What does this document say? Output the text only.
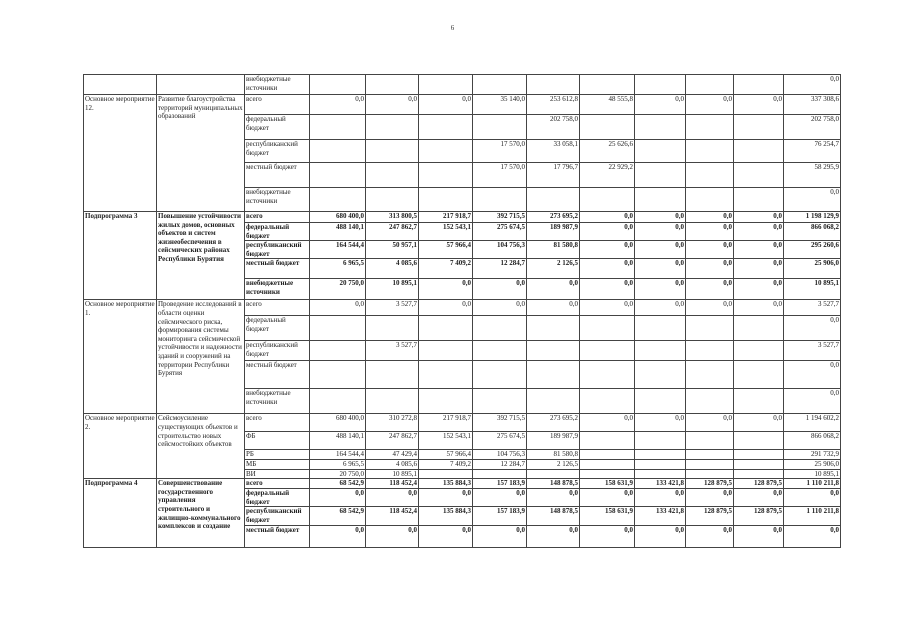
6
		внебюджетные источники										0,0
Основное мероприятие 12.	Развитие благоустройства территорий муниципальных образований	всего	0,0	0,0	0,0	35 140,0	253 612,8	48 555,8	0,0	0,0	0,0	337 308,6
		федеральный бюджет					202 758,0					202 758,0
		республиканский бюджет				17 570,0	33 058,1	25 626,6				76 254,7
		местный бюджет				17 570,0	17 796,7	22 929,2				58 295,9
		внебюджетные источники										0,0
Подпрограмма 3	Повышение устойчивости жилых домов, основных объектов и систем жизнеобеспечения в сейсмических районах Республики Бурятия	всего	680 400,0	313 800,5	217 918,7	392 715,5	273 695,2	0,0	0,0	0,0	0,0	1 198 129,9
		федеральный бюджет	488 140,1	247 862,7	152 543,1	275 674,5	189 987,9	0,0	0,0	0,0	0,0	866 068,2
		республиканский бюджет	164 544,4	50 957,1	57 966,4	104 756,3	81 580,8	0,0	0,0	0,0	0,0	295 260,6
		местный бюджет	6 965,5	4 085,6	7 409,2	12 284,7	2 126,5	0,0	0,0	0,0	0,0	25 906,0
		внебюджетные источники	20 750,0	10 895,1	0,0	0,0	0,0	0,0	0,0	0,0	0,0	10 895,1
Основное мероприятие 1.	Проведение исследований в области оценки сейсмического риска, формирования системы мониторинга сейсмической устойчивости и надежности зданий и сооружений на территории Республики Бурятия	всего	0,0	3 527,7	0,0	0,0	0,0	0,0	0,0	0,0	0,0	3 527,7
		федеральный бюджет										0,0
		республиканский бюджет		3 527,7								3 527,7
		местный бюджет										0,0
		внебюджетные источники										0,0
Основное мероприятие 2.	Сейсмоусиление существующих объектов и строительство новых сейсмостойких объектов	всего	680 400,0	310 272,8	217 918,7	392 715,5	273 695,2	0,0	0,0	0,0	0,0	1 194 602,2
		ФБ	488 140,1	247 862,7	152 543,1	275 674,5	189 987,9					866 068,2
		РБ	164 544,4	47 429,4	57 966,4	104 756,3	81 580,8					291 732,9
		МБ	6 965,5	4 085,6	7 409,2	12 284,7	2 126,5					25 906,0
		ВИ	20 750,0	10 895,1								10 895,1
Подпрограмма 4	Совершенствование государственного управления строительного и жилищно-коммунального комплексов и создание	всего	68 542,9	118 452,4	135 884,3	157 183,9	148 878,5	158 631,9	133 421,8	128 879,5	128 879,5	1 110 211,8
		федеральный бюджет	0,0	0,0	0,0	0,0	0,0	0,0	0,0	0,0	0,0	0,0
		республиканский бюджет	68 542,9	118 452,4	135 884,3	157 183,9	148 878,5	158 631,9	133 421,8	128 879,5	128 879,5	1 110 211,8
		местный бюджет	0,0	0,0	0,0	0,0	0,0	0,0	0,0	0,0	0,0	0,0
